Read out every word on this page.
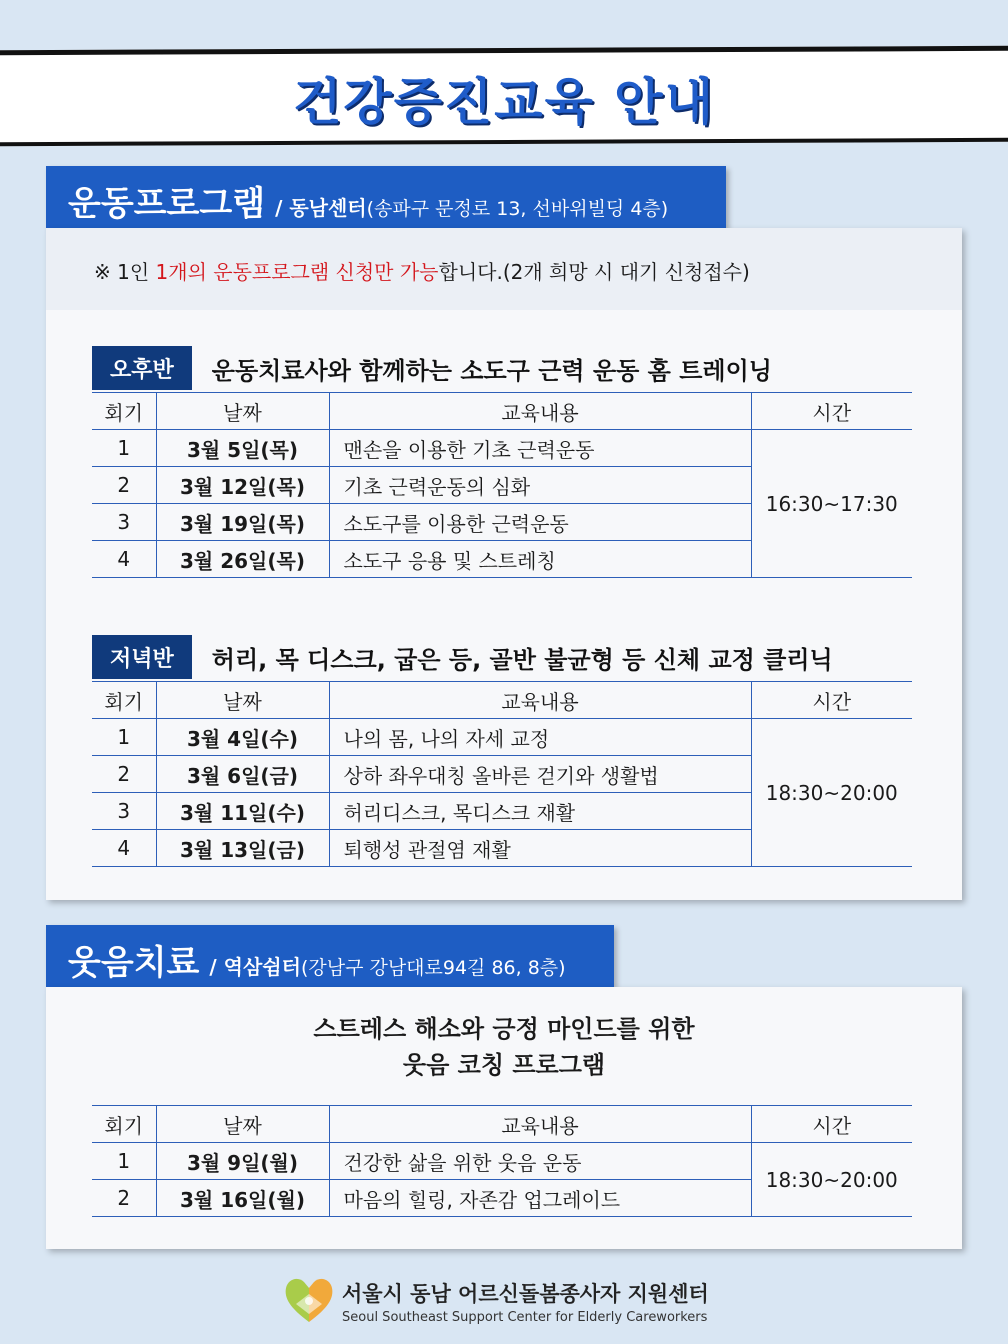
건강증진교육 안내
운동프로그램 / 동남센터 (송파구 문정로 13, 선바위빌딩 4층)
※ 1인 1개의 운동프로그램 신청만 가능합니다.(2개 희망 시 대기 신청접수)
오후반	운동치료사와 함께하는 소도구 근력 운동 홈 트레이닝
회기	날짜	교육내용	시간
1	3월 5일(목)	맨손을 이용한 기초 근력운동	16:30~17:30
2	3월 12일(목)	기초 근력운동의 심화	
3	3월 19일(목)	소도구를 이용한 근력운동	
4	3월 26일(목)	소도구 응용 및 스트레칭	
저녁반	허리, 목 디스크, 굽은 등, 골반 불균형 등 신체 교정 클리닉
회기	날짜	교육내용	시간
1	3월 4일(수)	나의 몸, 나의 자세 교정	18:30~20:00
2	3월 6일(금)	상하 좌우대칭 올바른 걷기와 생활법	
3	3월 11일(수)	허리디스크, 목디스크 재활	
4	3월 13일(금)	퇴행성 관절염 재활	
웃음치료 / 역삼쉼터 (강남구 강남대로94길 86, 8층)
스트레스 해소와 긍정 마인드를 위한
웃음 코칭 프로그램
회기	날짜	교육내용	시간
1	3월 9일(월)	건강한 삶을 위한 웃음 운동	18:30~20:00
2	3월 16일(월)	마음의 힐링, 자존감 업그레이드	
서울시 동남 어르신돌봄종사자 지원센터
Seoul Southeast Support Center for Elderly Careworkers
